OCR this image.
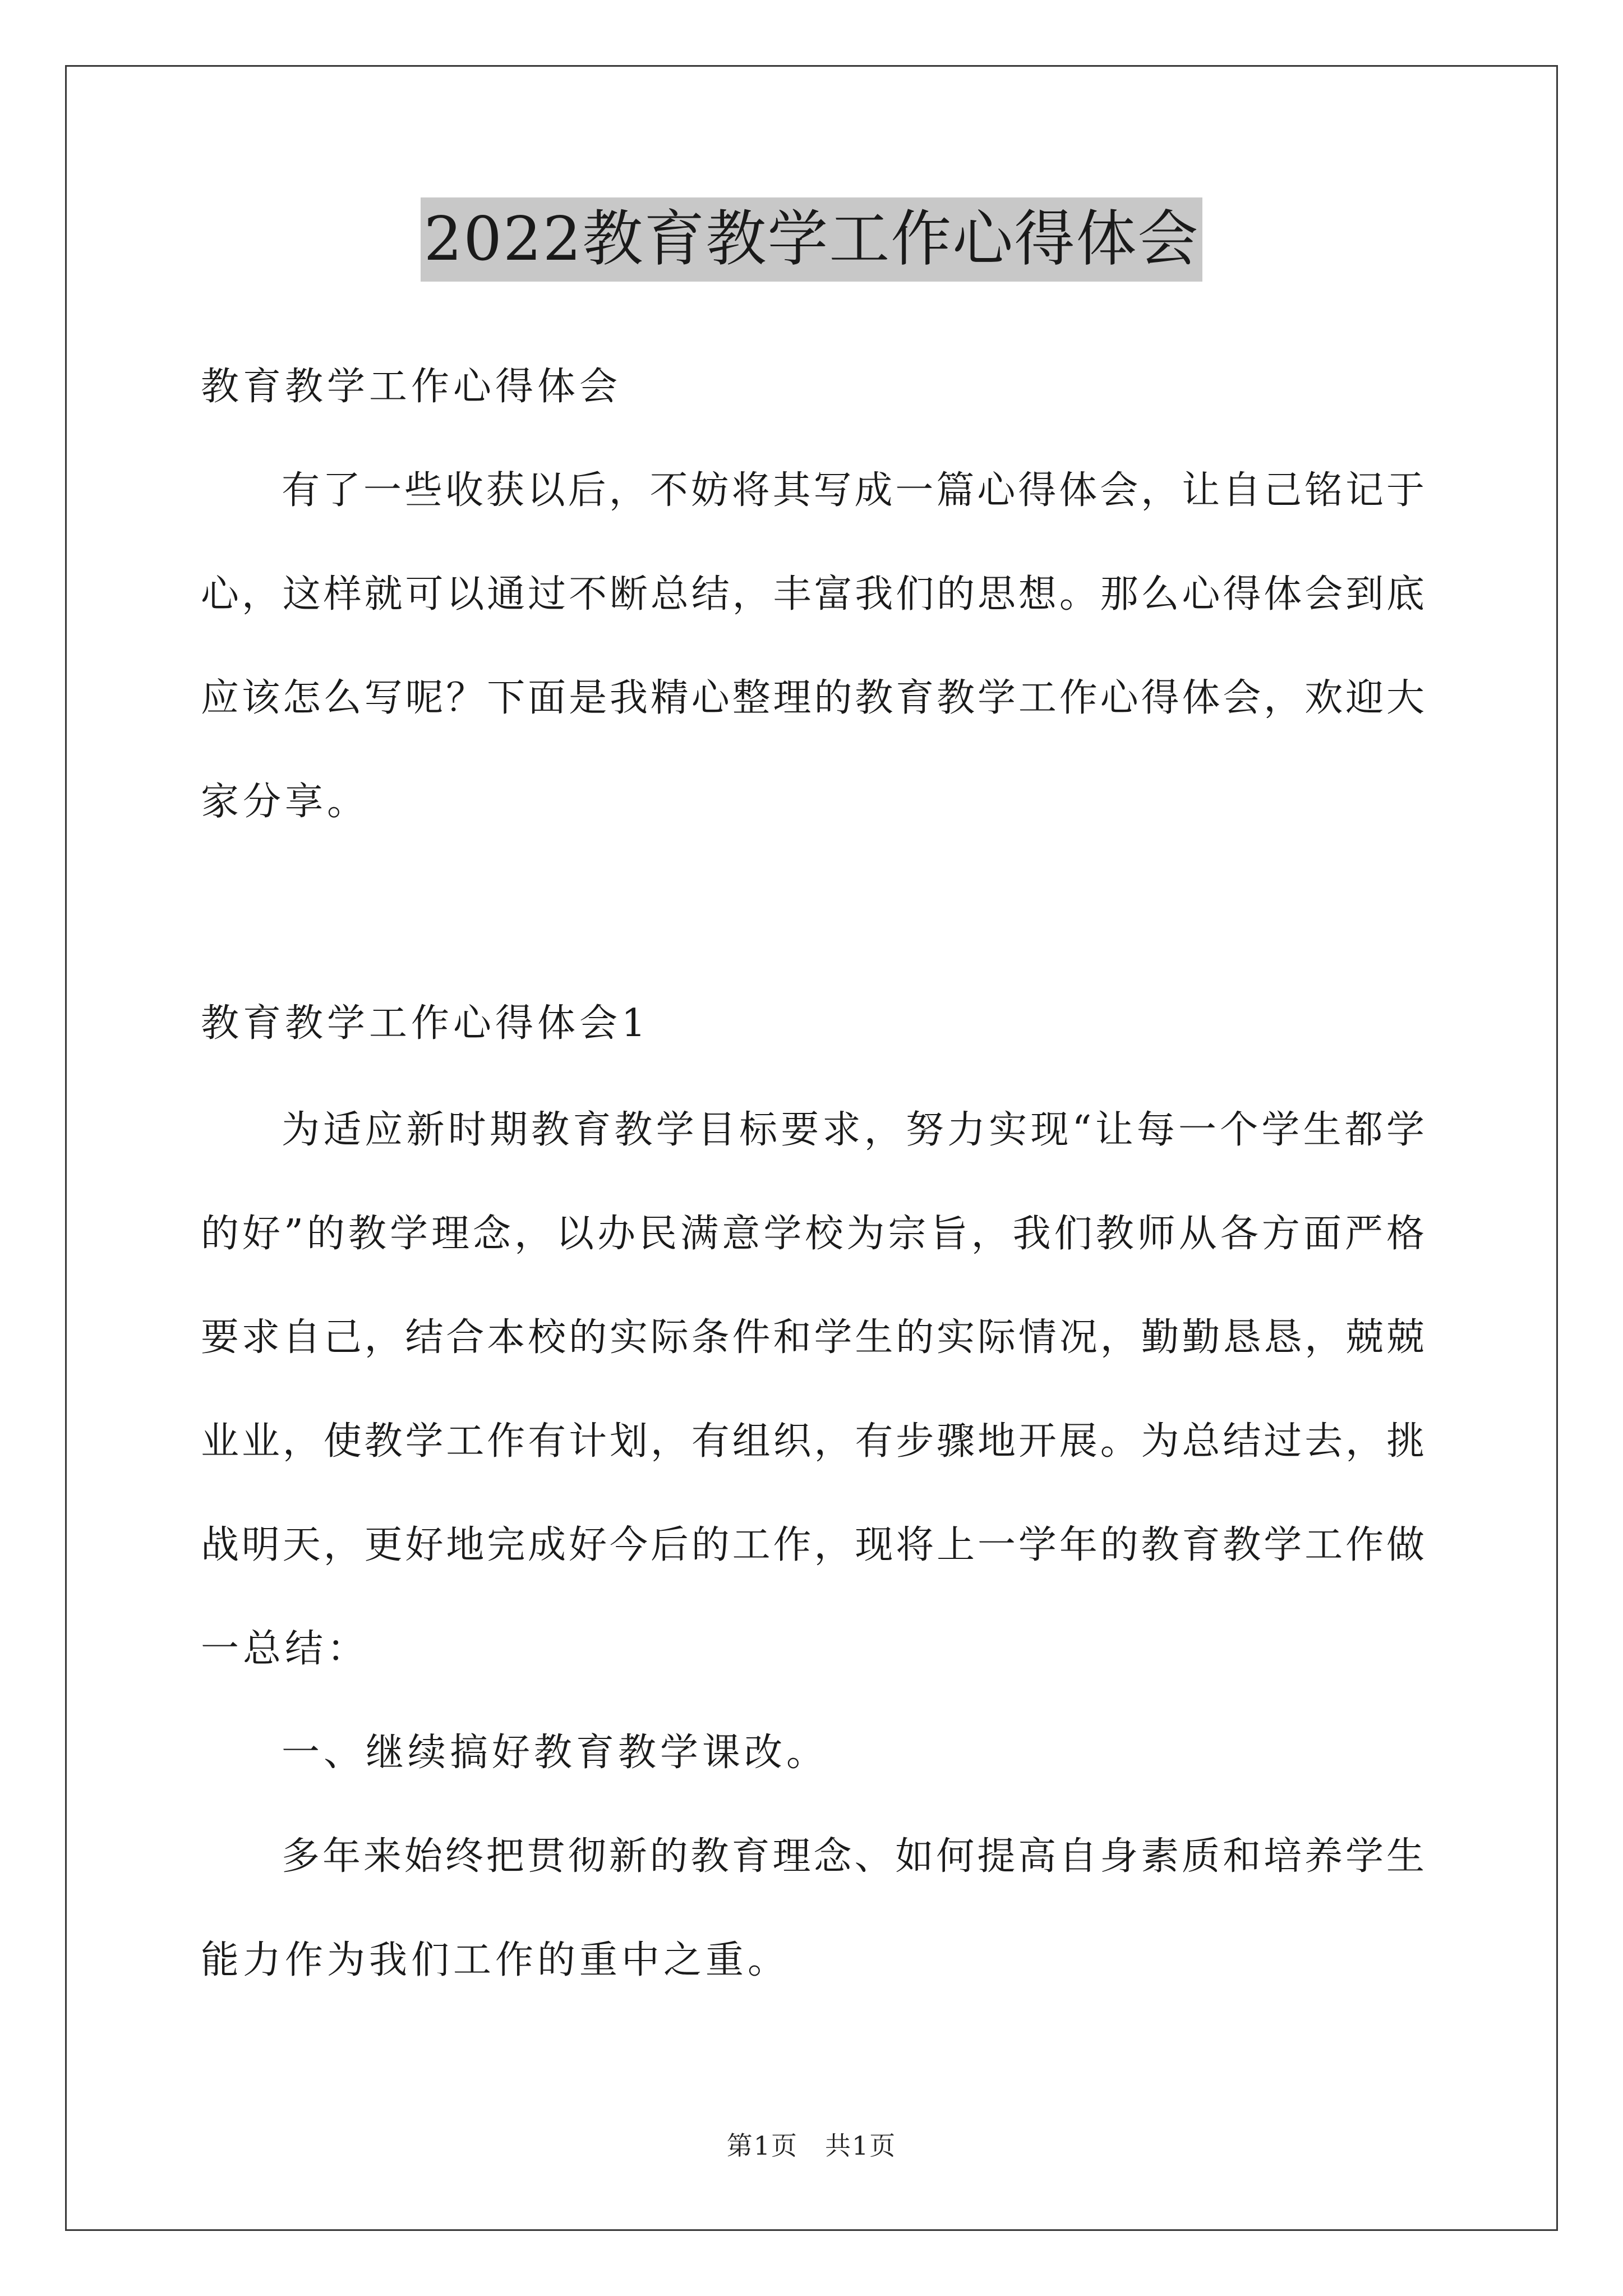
2022教育教学工作心得体会
教育教学工作心得体会
有了一些收获以后，不妨将其写成一篇心得体会，让自己铭记于
心，这样就可以通过不断总结，丰富我们的思想。那么心得体会到底
应该怎么写呢？下面是我精心整理的教育教学工作心得体会，欢迎大
家分享。
教育教学工作心得体会1
为适应新时期教育教学目标要求，努力实现“让每一个学生都学
的好”的教学理念，以办民满意学校为宗旨，我们教师从各方面严格
要求自己，结合本校的实际条件和学生的实际情况，勤勤恳恳，兢兢
业业，使教学工作有计划，有组织，有步骤地开展。为总结过去，挑
战明天，更好地完成好今后的工作，现将上一学年的教育教学工作做
一总结：
一、继续搞好教育教学课改。
多年来始终把贯彻新的教育理念、如何提高自身素质和培养学生
能力作为我们工作的重中之重。
第1页　共1页
